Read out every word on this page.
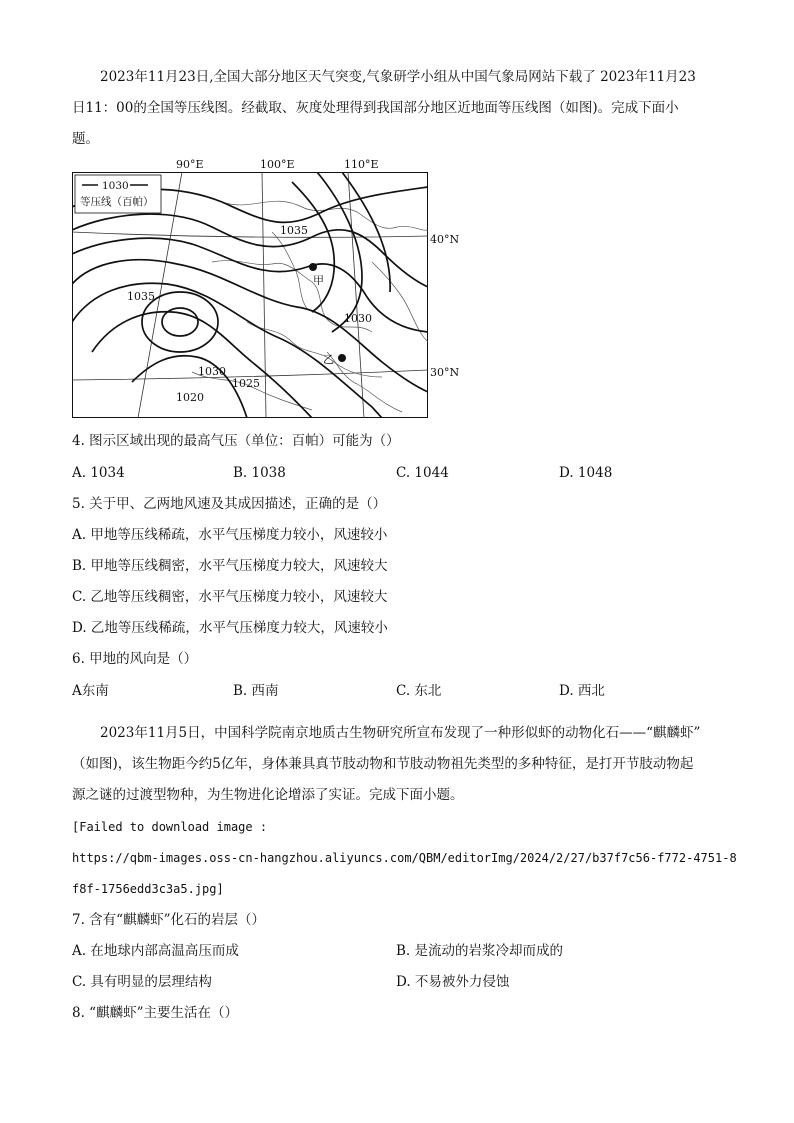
2023年11月23日,全国大部分地区天气突变,气象研学小组从中国气象局网站下载了 2023年11月23
日11：00的全国等压线图。经截取、灰度处理得到我国部分地区近地面等压线图（如图)。完成下面小
题。
90°E	100°E	110°E
40°N
30°N
1035
1035
1030
1030
1025
1020
甲
乙
1030
等压线（百帕）
4. 图示区域出现的最高气压（单位：百帕）可能为（）
A. 1034	B. 1038	C. 1044	D. 1048
5. 关于甲、乙两地风速及其成因描述，正确的是（）
A. 甲地等压线稀疏，水平气压梯度力较小，风速较小
B. 甲地等压线稠密，水平气压梯度力较大，风速较大
C. 乙地等压线稠密，水平气压梯度力较小，风速较大
D. 乙地等压线稀疏，水平气压梯度力较大，风速较小
6. 甲地的风向是（）
A东南	B. 西南	C. 东北	D. 西北
2023年11月5日，中国科学院南京地质古生物研究所宣布发现了一种形似虾的动物化石——“麒麟虾”
（如图)，该生物距今约5亿年，身体兼具真节肢动物和节肢动物祖先类型的多种特征，是打开节肢动物起
源之谜的过渡型物种，为生物进化论增添了实证。完成下面小题。
[Failed to download image :
https://qbm-images.oss-cn-hangzhou.aliyuncs.com/QBM/editorImg/2024/2/27/b37f7c56-f772-4751-8
f8f-1756edd3c3a5.jpg]
7. 含有“麒麟虾”化石的岩层（）
A. 在地球内部高温高压而成	B. 是流动的岩浆冷却而成的
C. 具有明显的层理结构	D. 不易被外力侵蚀
8. “麒麟虾”主要生活在（）
